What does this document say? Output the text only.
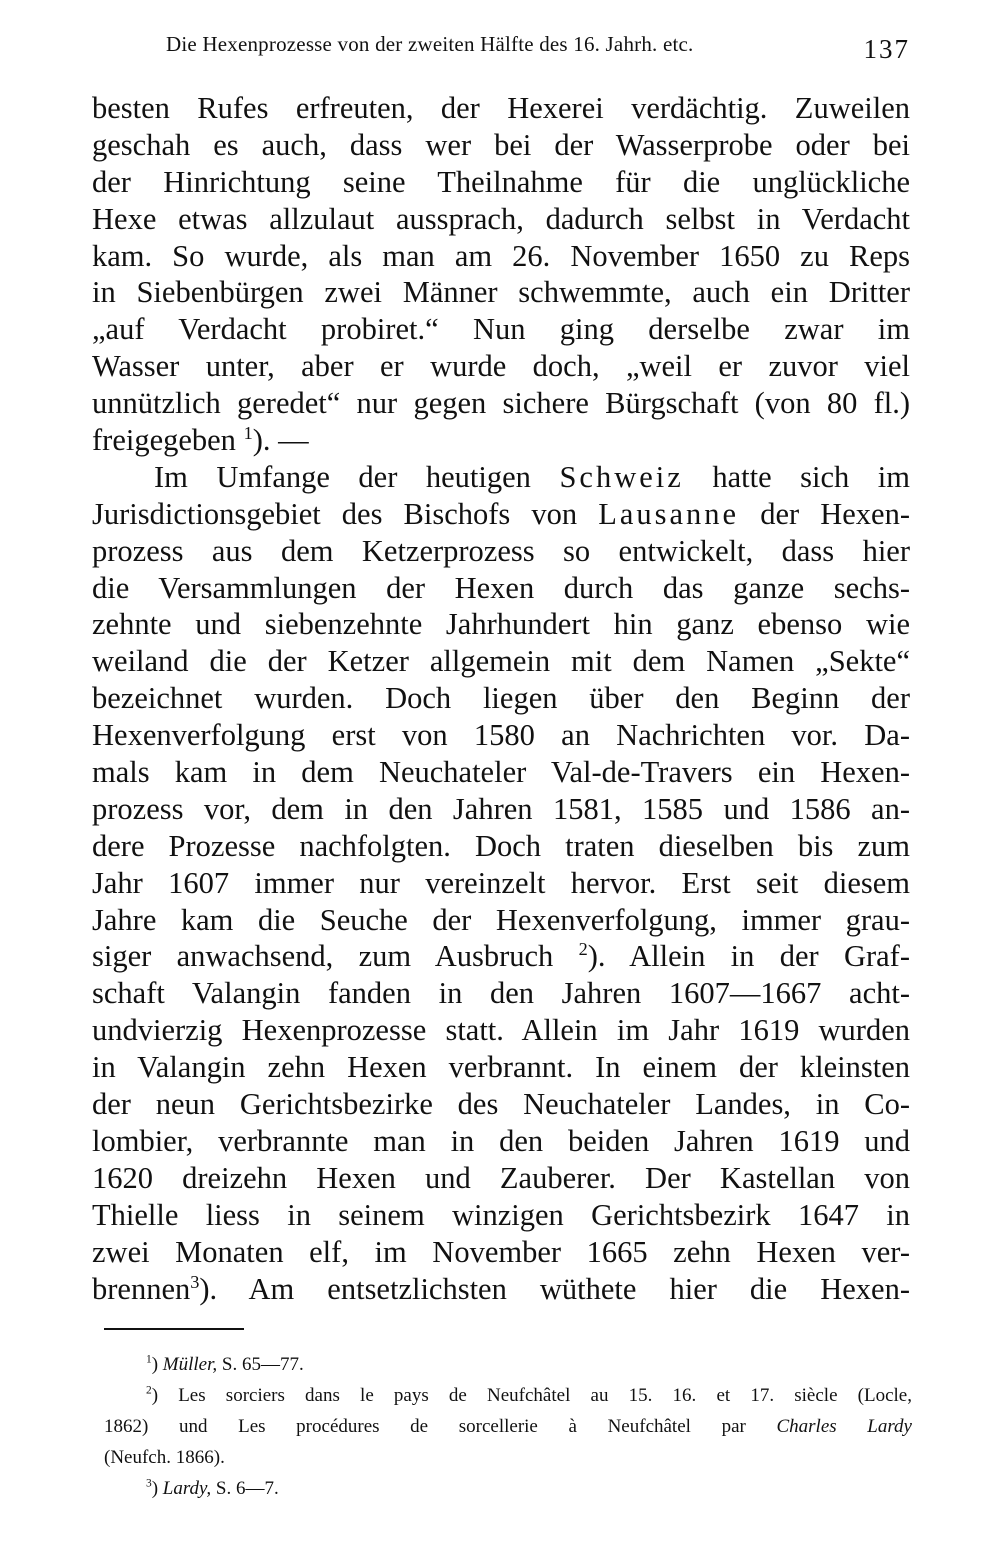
Die Hexenprozesse von der zweiten Hälfte des 16. Jahrh. etc.	137
besten Rufes erfreuten, der Hexerei verdächtig. Zuweilen
geschah es auch, dass wer bei der Wasserprobe oder bei
der Hinrichtung seine Theilnahme für die unglückliche
Hexe etwas allzulaut aussprach, dadurch selbst in Verdacht
kam. So wurde, als man am 26. November 1650 zu Reps
in Siebenbürgen zwei Männer schwemmte, auch ein Dritter
„auf Verdacht probiret.“ Nun ging derselbe zwar im
Wasser unter, aber er wurde doch, „weil er zuvor viel
unnützlich geredet“ nur gegen sichere Bürgschaft (von 80 fl.)
freigegeben $^1$). —
Im Umfange der heutigen Schweiz hatte sich im
Jurisdictionsgebiet des Bischofs von Lausanne der Hexen-
prozess aus dem Ketzerprozess so entwickelt, dass hier
die Versammlungen der Hexen durch das ganze sechs-
zehnte und siebenzehnte Jahrhundert hin ganz ebenso wie
weiland die der Ketzer allgemein mit dem Namen „Sekte“
bezeichnet wurden. Doch liegen über den Beginn der
Hexenverfolgung erst von 1580 an Nachrichten vor. Da-
mals kam in dem Neuchateler Val-de-Travers ein Hexen-
prozess vor, dem in den Jahren 1581, 1585 und 1586 an-
dere Prozesse nachfolgten. Doch traten dieselben bis zum
Jahr 1607 immer nur vereinzelt hervor. Erst seit diesem
Jahre kam die Seuche der Hexenverfolgung, immer grau-
siger anwachsend, zum Ausbruch $^2$). Allein in der Graf-
schaft Valangin fanden in den Jahren 1607—1667 acht-
undvierzig Hexenprozesse statt. Allein im Jahr 1619 wurden
in Valangin zehn Hexen verbrannt. In einem der kleinsten
der neun Gerichtsbezirke des Neuchateler Landes, in Co-
lombier, verbrannte man in den beiden Jahren 1619 und
1620 dreizehn Hexen und Zauberer. Der Kastellan von
Thielle liess in seinem winzigen Gerichtsbezirk 1647 in
zwei Monaten elf, im November 1665 zehn Hexen ver-
brennen$^3$). Am entsetzlichsten wüthete hier die Hexen-
$^1$) Müller, S. 65—77.
$^2$) Les sorciers dans le pays de Neufchâtel au 15. 16. et 17. siècle (Locle,
1862) und Les procédures de sorcellerie à Neufchâtel par Charles Lardy
(Neufch. 1866).
$^3$) Lardy, S. 6—7.
